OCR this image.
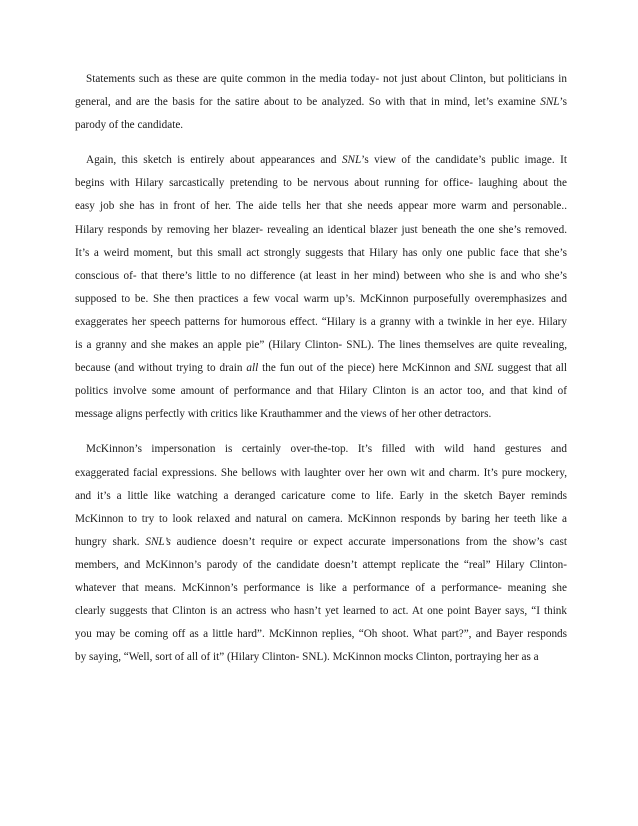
Statements such as these are quite common in the media today- not just about Clinton, but politicians in
general, and are the basis for the satire about to be analyzed. So with that in mind, let’s examine SNL’s
parody of the candidate.
Again, this sketch is entirely about appearances and SNL’s view of the candidate’s public image. It
begins with Hilary sarcastically pretending to be nervous about running for office- laughing about the
easy job she has in front of her. The aide tells her that she needs appear more warm and personable..
Hilary responds by removing her blazer- revealing an identical blazer just beneath the one she’s removed.
It’s a weird moment, but this small act strongly suggests that Hilary has only one public face that she’s
conscious of- that there’s little to no difference (at least in her mind) between who she is and who she’s
supposed to be. She then practices a few vocal warm up’s. McKinnon purposefully overemphasizes and
exaggerates her speech patterns for humorous effect. “Hilary is a granny with a twinkle in her eye. Hilary
is a granny and she makes an apple pie” (Hilary Clinton- SNL). The lines themselves are quite revealing,
because (and without trying to drain all the fun out of the piece) here McKinnon and SNL suggest that all
politics involve some amount of performance and that Hilary Clinton is an actor too, and that kind of
message aligns perfectly with critics like Krauthammer and the views of her other detractors.
McKinnon’s impersonation is certainly over-the-top. It’s filled with wild hand gestures and
exaggerated facial expressions. She bellows with laughter over her own wit and charm. It’s pure mockery,
and it’s a little like watching a deranged caricature come to life. Early in the sketch Bayer reminds
McKinnon to try to look relaxed and natural on camera. McKinnon responds by baring her teeth like a
hungry shark. SNL’s audience doesn’t require or expect accurate impersonations from the show’s cast
members, and McKinnon’s parody of the candidate doesn’t attempt replicate the “real” Hilary Clinton-
whatever that means. McKinnon’s performance is like a performance of a performance- meaning she
clearly suggests that Clinton is an actress who hasn’t yet learned to act. At one point Bayer says, “I think
you may be coming off as a little hard”. McKinnon replies, “Oh shoot. What part?”, and Bayer responds
by saying, “Well, sort of all of it” (Hilary Clinton- SNL). McKinnon mocks Clinton, portraying her as a
